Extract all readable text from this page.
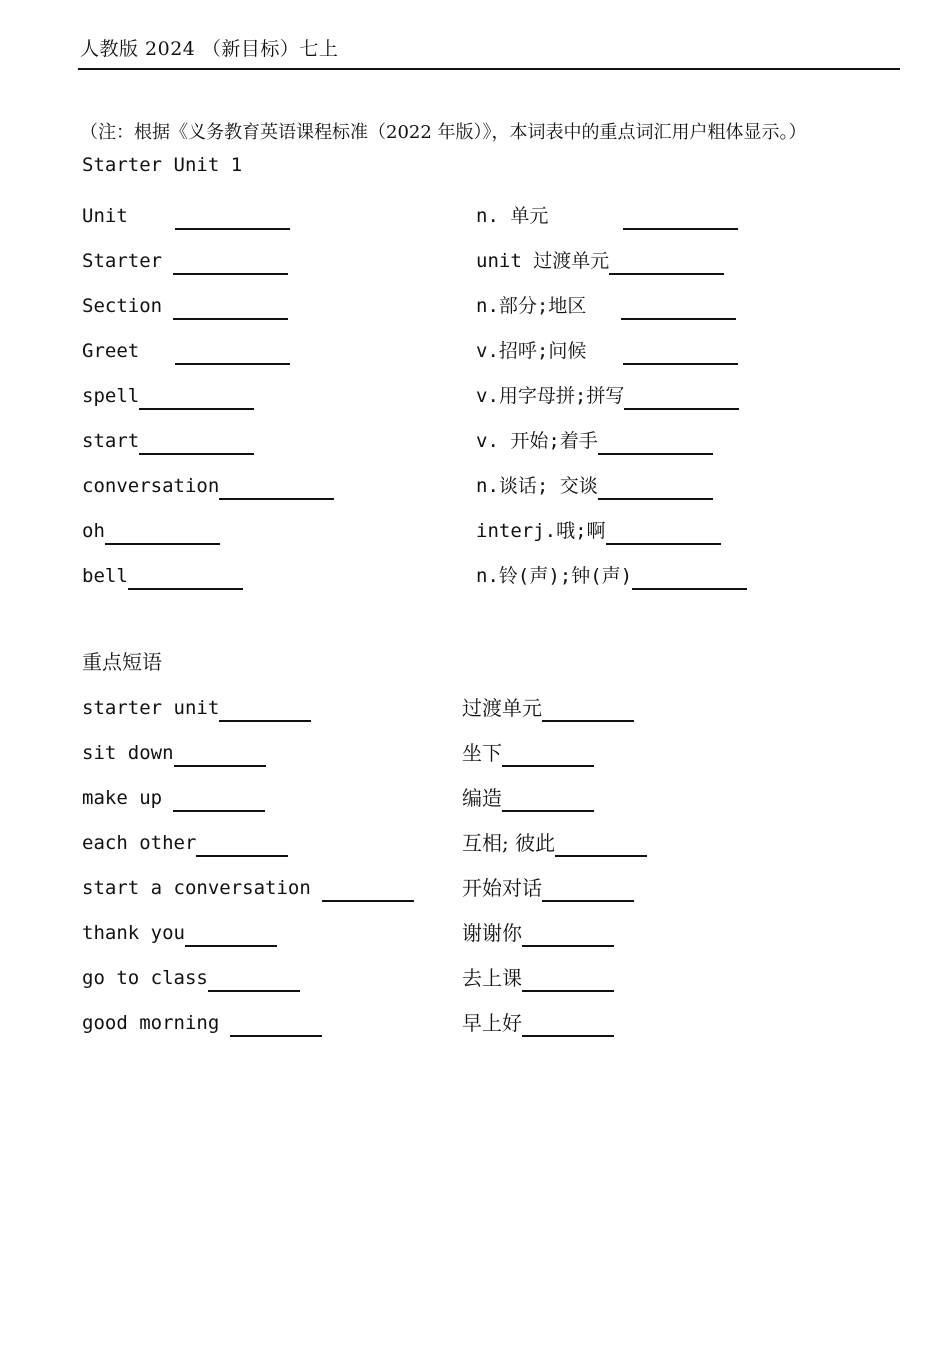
人教版 2024 （新目标）七上
（注：根据《义务教育英语课程标准（2022 年版）》，本词表中的重点词汇用户粗体显示。）
Starter Unit 1
Unit
Starter
Section
Greet
spell
start
conversation
oh
bell
n. 单元
unit 过渡单元
n.部分;地区
v.招呼;问候
v.用字母拼;拼写
v. 开始;着手
n.谈话; 交谈
interj.哦;啊
n.铃(声);钟(声)
重点短语
starter unit
sit down
make up
each other
start a conversation
thank you
go to class
good morning
过渡单元
坐下
编造
互相; 彼此
开始对话
谢谢你
去上课
早上好
